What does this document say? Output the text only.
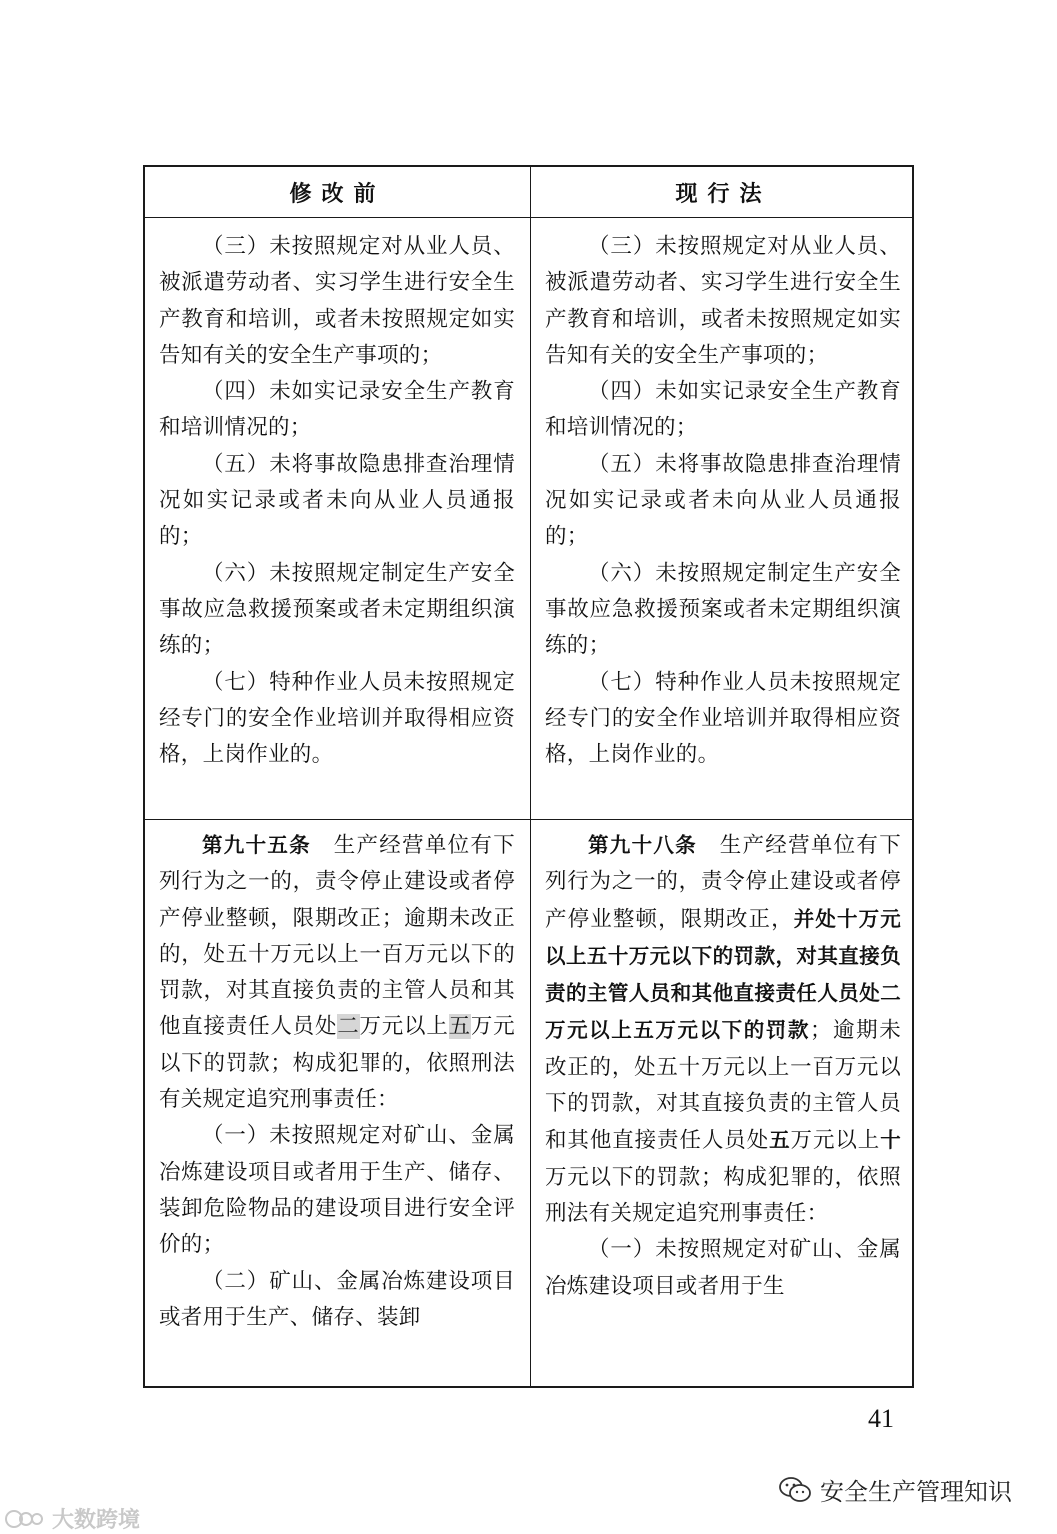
修改前	现行法

（三）未按照规定对从业人员、被派遣劳动者、实习学生进行安全生产教育和培训，或者未按照规定如实告知有关的安全生产事项的；

（四）未如实记录安全生产教育和培训情况的；

（五）未将事故隐患排查治理情况如实记录或者未向从业人员通报的；

（六）未按照规定制定生产安全事故应急救援预案或者未定期组织演练的；

（七）特种作业人员未按照规定经专门的安全作业培训并取得相应资格，上岗作业的。

（三）未按照规定对从业人员、被派遣劳动者、实习学生进行安全生产教育和培训，或者未按照规定如实告知有关的安全生产事项的；

（四）未如实记录安全生产教育和培训情况的；

（五）未将事故隐患排查治理情况如实记录或者未向从业人员通报的；

（六）未按照规定制定生产安全事故应急救援预案或者未定期组织演练的；

（七）特种作业人员未按照规定经专门的安全作业培训并取得相应资格，上岗作业的。

第九十五条　 生产经营单位有下列行为之一的，责令停止建设或者停产停业整顿，限期改正；逾期未改正的，处五十万元以上一百万元以下的罚款，对其直接负责的主管人员和其他直接责任人员处二万元以上五万元以下的罚款；构成犯罪的，依照刑法有关规定追究刑事责任：

（一）未按照规定对矿山、金属冶炼建设项目或者用于生产、储存、装卸危险物品的建设项目进行安全评价的；

（二）矿山、金属冶炼建设项目或者用于生产、储存、装卸

第九十八条　 生产经营单位有下列行为之一的，责令停止建设或者停产停业整顿，限期改正，并处十万元以上五十万元以下的罚款，对其直接负责的主管人员和其他直接责任人员处二万元以上五万元以下的罚款；逾期未改正的，处五十万元以上一百万元以下的罚款，对其直接负责的主管人员和其他直接责任人员处五万元以上十万元以下的罚款；构成犯罪的，依照刑法有关规定追究刑事责任：

（一）未按照规定对矿山、金属冶炼建设项目或者用于生

41
安全生产管理知识
大数跨境
